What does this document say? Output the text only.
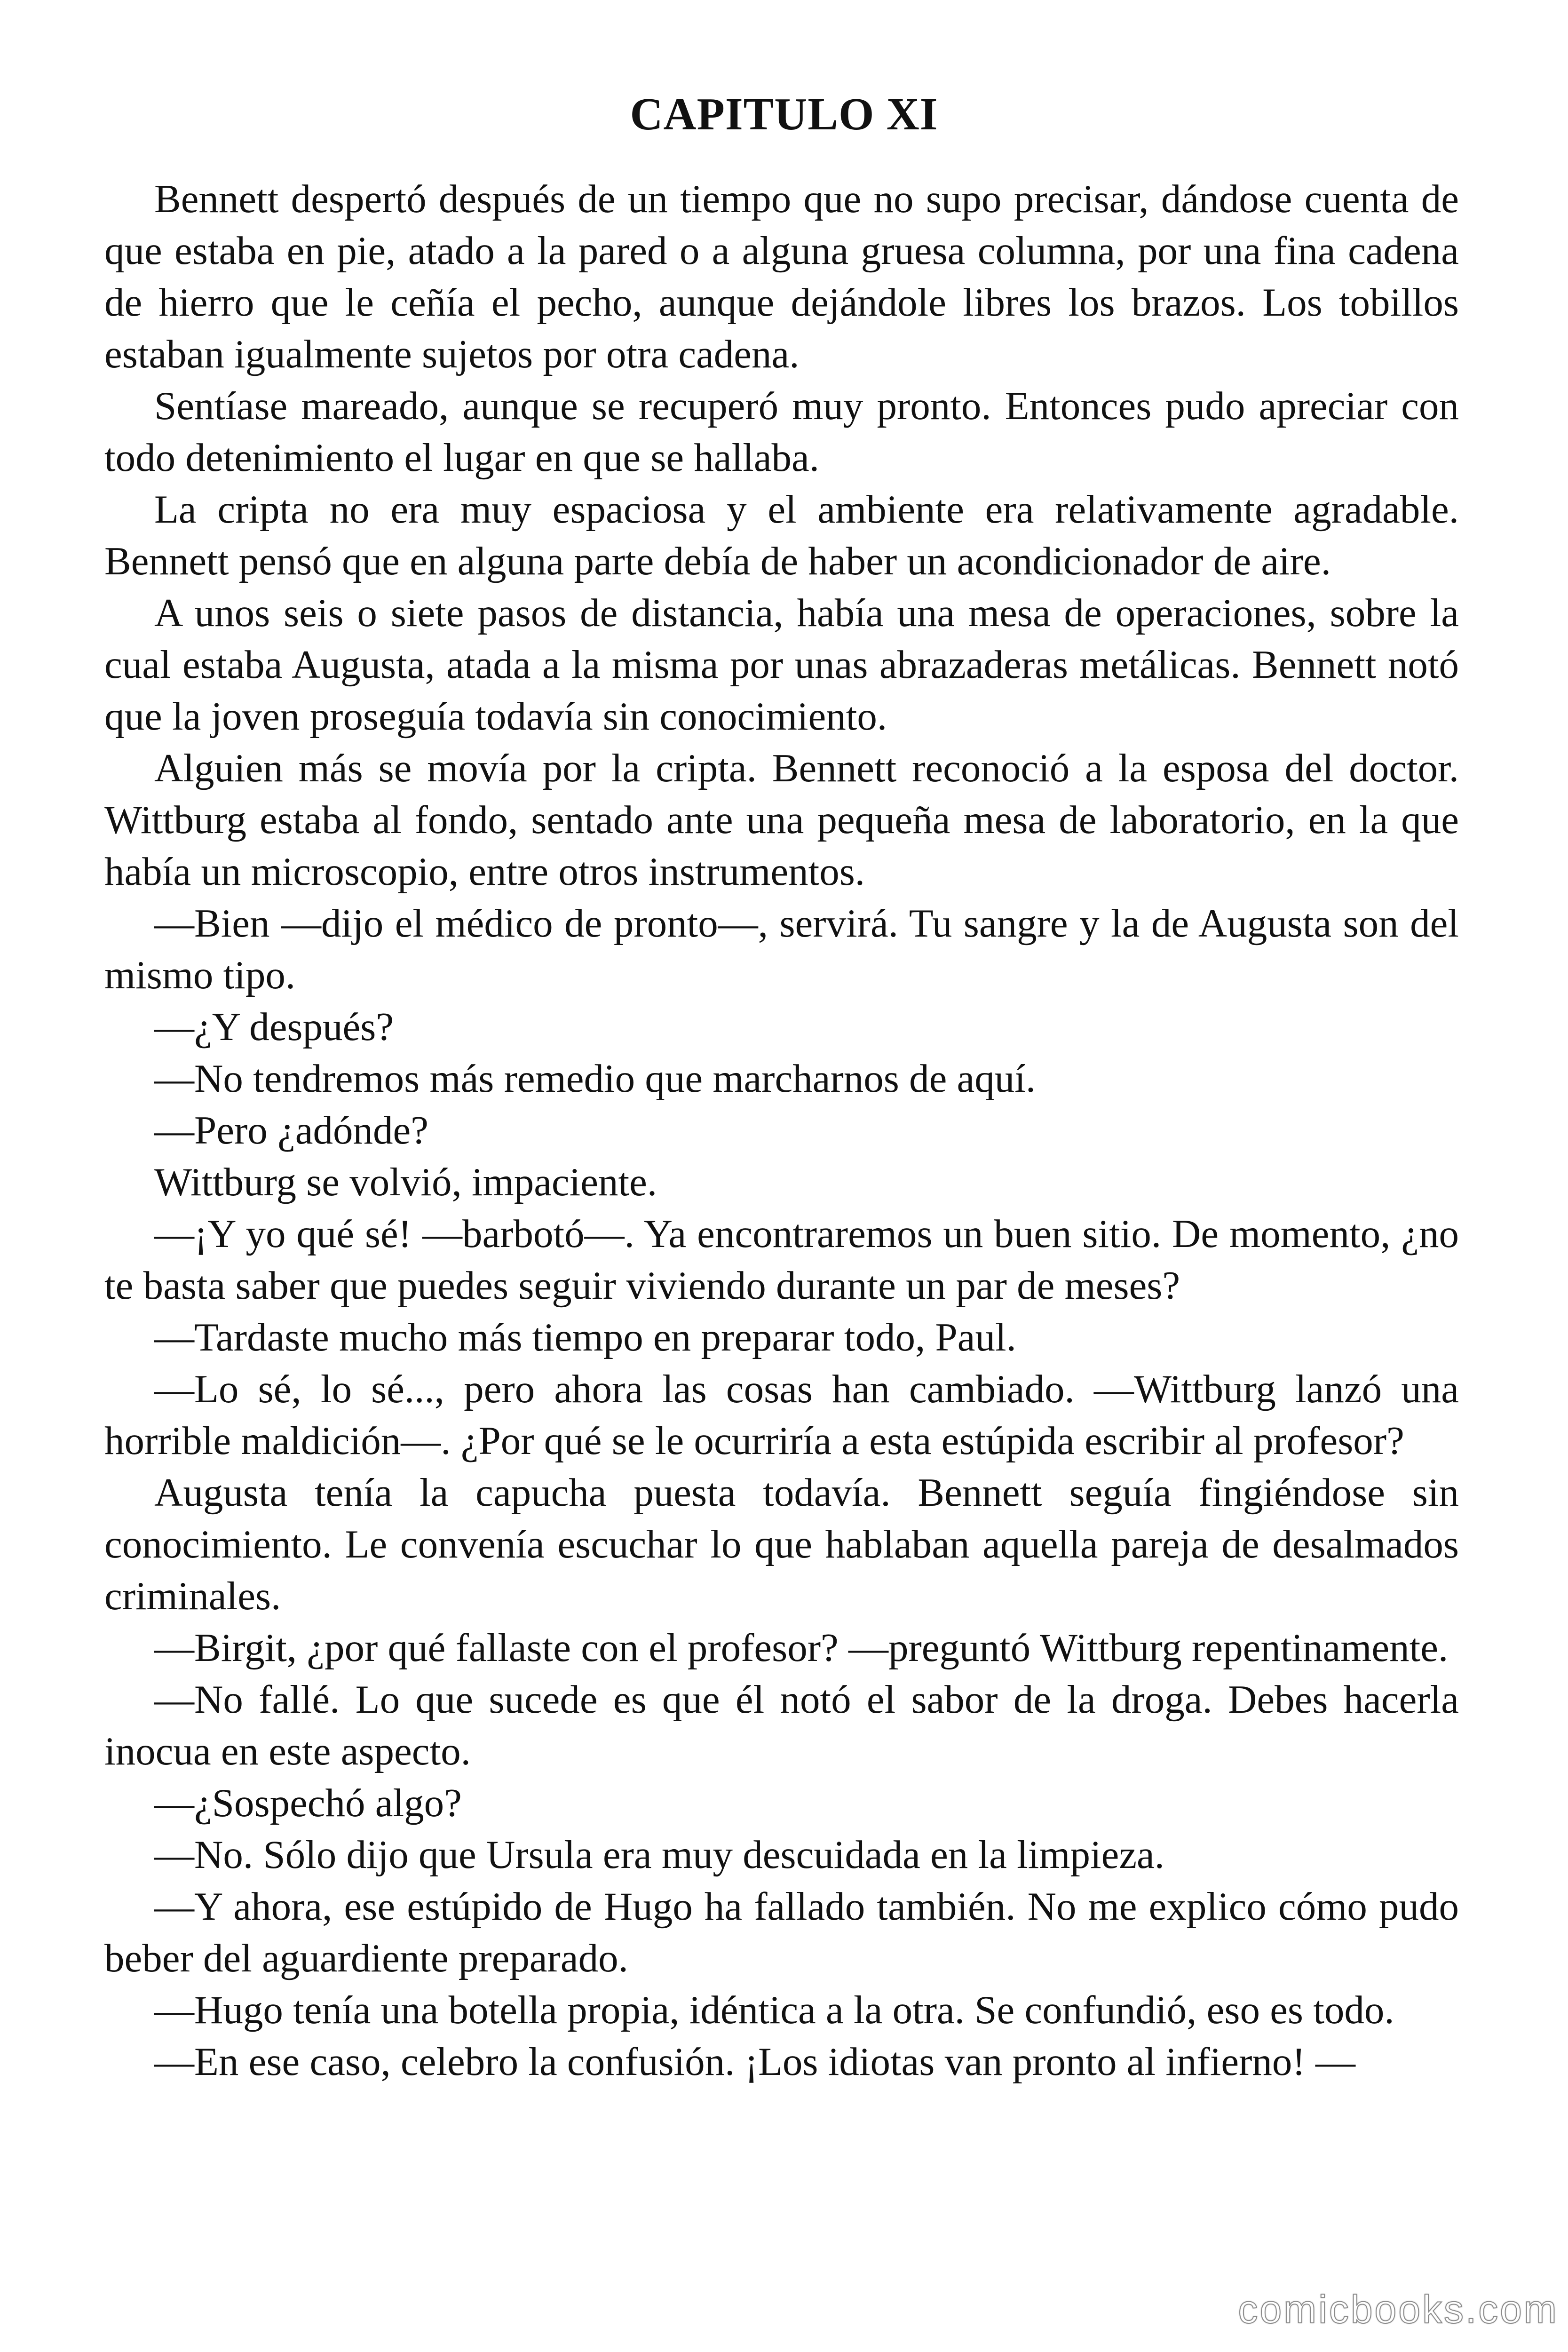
CAPITULO XI

Bennett despertó después de un tiempo que no supo precisar, dándose cuenta de que estaba en pie, atado a la pared o a alguna gruesa columna, por una fina cadena de hierro que le ceñía el pecho, aunque dejándole libres los brazos. Los tobillos estaban igualmente sujetos por otra cadena.

Sentíase mareado, aunque se recuperó muy pronto. Entonces pudo apreciar con todo detenimiento el lugar en que se hallaba.

La cripta no era muy espaciosa y el ambiente era relativamente agradable. Bennett pensó que en alguna parte debía de haber un acondicionador de aire.

A unos seis o siete pasos de distancia, había una mesa de operaciones, sobre la cual estaba Augusta, atada a la misma por unas abrazaderas metálicas. Bennett notó que la joven proseguía todavía sin conocimiento.

Alguien más se movía por la cripta. Bennett reconoció a la esposa del doctor. Wittburg estaba al fondo, sentado ante una pequeña mesa de laboratorio, en la que había un microscopio, entre otros instrumentos.

—Bien —dijo el médico de pronto—, servirá. Tu sangre y la de Augusta son del mismo tipo.

—¿Y después?

—No tendremos más remedio que marcharnos de aquí.

—Pero ¿adónde?

Wittburg se volvió, impaciente.

—¡Y yo qué sé! —barbotó—. Ya encontraremos un buen sitio. De momento, ¿no te basta saber que puedes seguir viviendo durante un par de meses?

—Tardaste mucho más tiempo en preparar todo, Paul.

—Lo sé, lo sé..., pero ahora las cosas han cambiado. —Wittburg lanzó una horrible maldición—. ¿Por qué se le ocurriría a esta estúpida escribir al profesor?

Augusta tenía la capucha puesta todavía. Bennett seguía fingiéndose sin conocimiento. Le convenía escuchar lo que hablaban aquella pareja de desalmados criminales.

—Birgit, ¿por qué fallaste con el profesor? —preguntó Wittburg repentinamente.

—No fallé. Lo que sucede es que él notó el sabor de la droga. Debes hacerla inocua en este aspecto.

—¿Sospechó algo?

—No. Sólo dijo que Ursula era muy descuidada en la limpieza.

—Y ahora, ese estúpido de Hugo ha fallado también. No me explico cómo pudo beber del aguardiente preparado.

—Hugo tenía una botella propia, idéntica a la otra. Se confundió, eso es todo.

—En ese caso, celebro la confusión. ¡Los idiotas van pronto al infierno! —

comicbooks.com
